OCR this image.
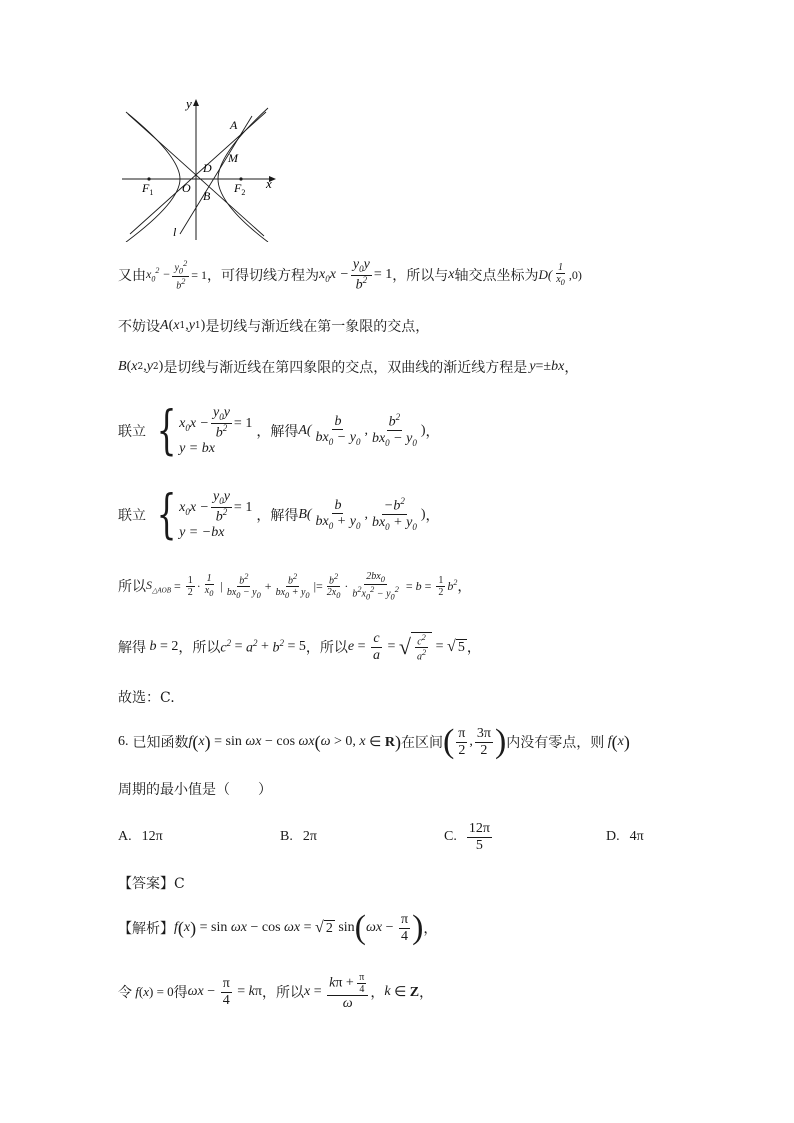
y
x
A
M
D
O
B
$F_1$	$F_2$
l
又由 $x_0^2 - \frac{y_0^2}{b^2} = 1$ ，可得切线方程为 $x_0x - \frac{y_0y}{b^2} = 1$ ，所以与 x 轴交点坐标为 $D( \frac{1}{x_0} ,0)$
不妨设 A ( x 1 , y 1 ) 是切线与渐近线在第一象限的交点，
B ( x 2 , y 2 ) 是切线与渐近线在第四象限的交点，双曲线的渐近线方程是 y =± bx ，
联立 { $x_0x - \frac{y_0y}{b^2} = 1$
y = bx
，解得 $A( \frac{b}{bx_0 - y_0}$ , $\frac{b^2}{bx_0 - y_0}$ ) ，
联立 { $x_0x - \frac{y_0y}{b^2} = 1$
y = −bx
，解得 $B( \frac{b}{bx_0 + y_0}$ , $\frac{-b^2}{bx_0 + y_0}$ ) ，
所以 $S_{\triangle AOB} = \frac{1}{2} \cdot \frac{1}{x_0}$ | $\frac{b^2}{bx_0 - y_0} + \frac{b^2}{bx_0 + y_0}$ |= $\frac{b^2}{2x_0} \cdot \frac{2bx_0}{b^2x_0^2 - y_0^2} = b = \frac{1}{2} b^2$ ，
解得 b = 2 ，所以 $c^2 = a^2 + b^2 = 5$ ，所以 $e = \frac{c}{a}$ = √ $\frac{c^2}{a^2}$ = √ 5 ，
故选：C.
6. 已知函数 f ( x ) = sin ωx − cos ωx ( ω > 0, x ∈ R ) 在区间 ( $\frac{\pi}{2}$ , $\frac{3\pi}{2}$ ) 内没有零点，则 f ( x )
周期的最小值是（　　）
A. 12π	B. 2π	C. $\frac{12\pi}{5}$	D. 4π
【答案】C
【解析】 f ( x ) = sin ωx − cos ωx = √ 2 sin ( $\omega x - \frac{\pi}{4}$ ) ，
令 f ( x ) = 0 得 $\omega x - \frac{\pi}{4} = k$ π ，所以 $x = \frac{k\pi + \frac{\pi}{4}}{\omega}$ ， k ∈ Z ，
